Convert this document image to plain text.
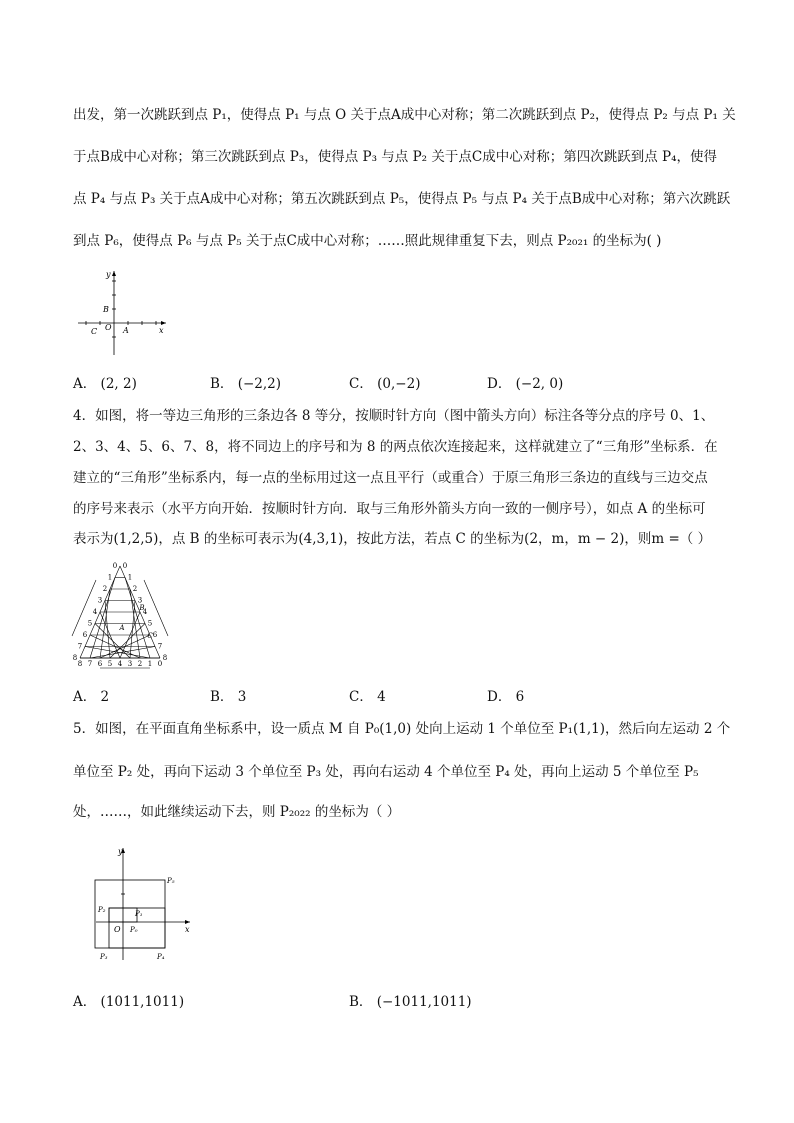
出发，第一次跳跃到点 P₁，使得点 P₁ 与点 O 关于点A成中心对称；第二次跳跃到点 P₂，使得点 P₂ 与点 P₁ 关
于点B成中心对称；第三次跳跃到点 P₃，使得点 P₃ 与点 P₂ 关于点C成中心对称；第四次跳跃到点 P₄，使得
点 P₄ 与点 P₃ 关于点A成中心对称；第五次跳跃到点 P₅，使得点 P₅ 与点 P₄ 关于点B成中心对称；第六次跳跃
到点 P₆，使得点 P₆ 与点 P₅ 关于点C成中心对称；……照此规律重复下去，则点 P₂₀₂₁ 的坐标为( )
y
x
B
C O A
A． (2, 2)	B． (−2,2)	C． (0,−2)	D． (−2, 0)
4．如图，将一等边三角形的三条边各 8 等分，按顺时针方向（图中箭头方向）标注各等分点的序号 0、1、
2、3、4、5、6、7、8，将不同边上的序号和为 8 的两点依次连接起来，这样就建立了“三角形”坐标系．在
建立的“三角形”坐标系内，每一点的坐标用过这一点且平行（或重合）于原三角形三条边的直线与三边交点
的序号来表示（水平方向开始．按顺时针方向．取与三角形外箭头方向一致的一侧序号），如点 A 的坐标可
表示为(1,2,5)，点 B 的坐标可表示为(4,3,1)，按此方法，若点 C 的坐标为(2，m，m − 2)，则m =（ ）
8
0 0
7
1 1
6
2	2
5
3	3
4
4	4
3
5	5
2
6	6
1
7	7
0
8	8
A
B
C
A． 2	B． 3	C． 4	D． 6
5．如图，在平面直角坐标系中，设一质点 M 自 P₀(1,0) 处向上运动 1 个单位至 P₁(1,1)，然后向左运动 2 个
单位至 P₂ 处，再向下运动 3 个单位至 P₃ 处，再向右运动 4 个单位至 P₄ 处，再向上运动 5 个单位至 P₅
处，……，如此继续运动下去，则 P₂₀₂₂ 的坐标为（ ）
y
x
O P₀
P₁
P₂
P₃	P₄
P₅
A． (1011,1011)	B． (−1011,1011)
